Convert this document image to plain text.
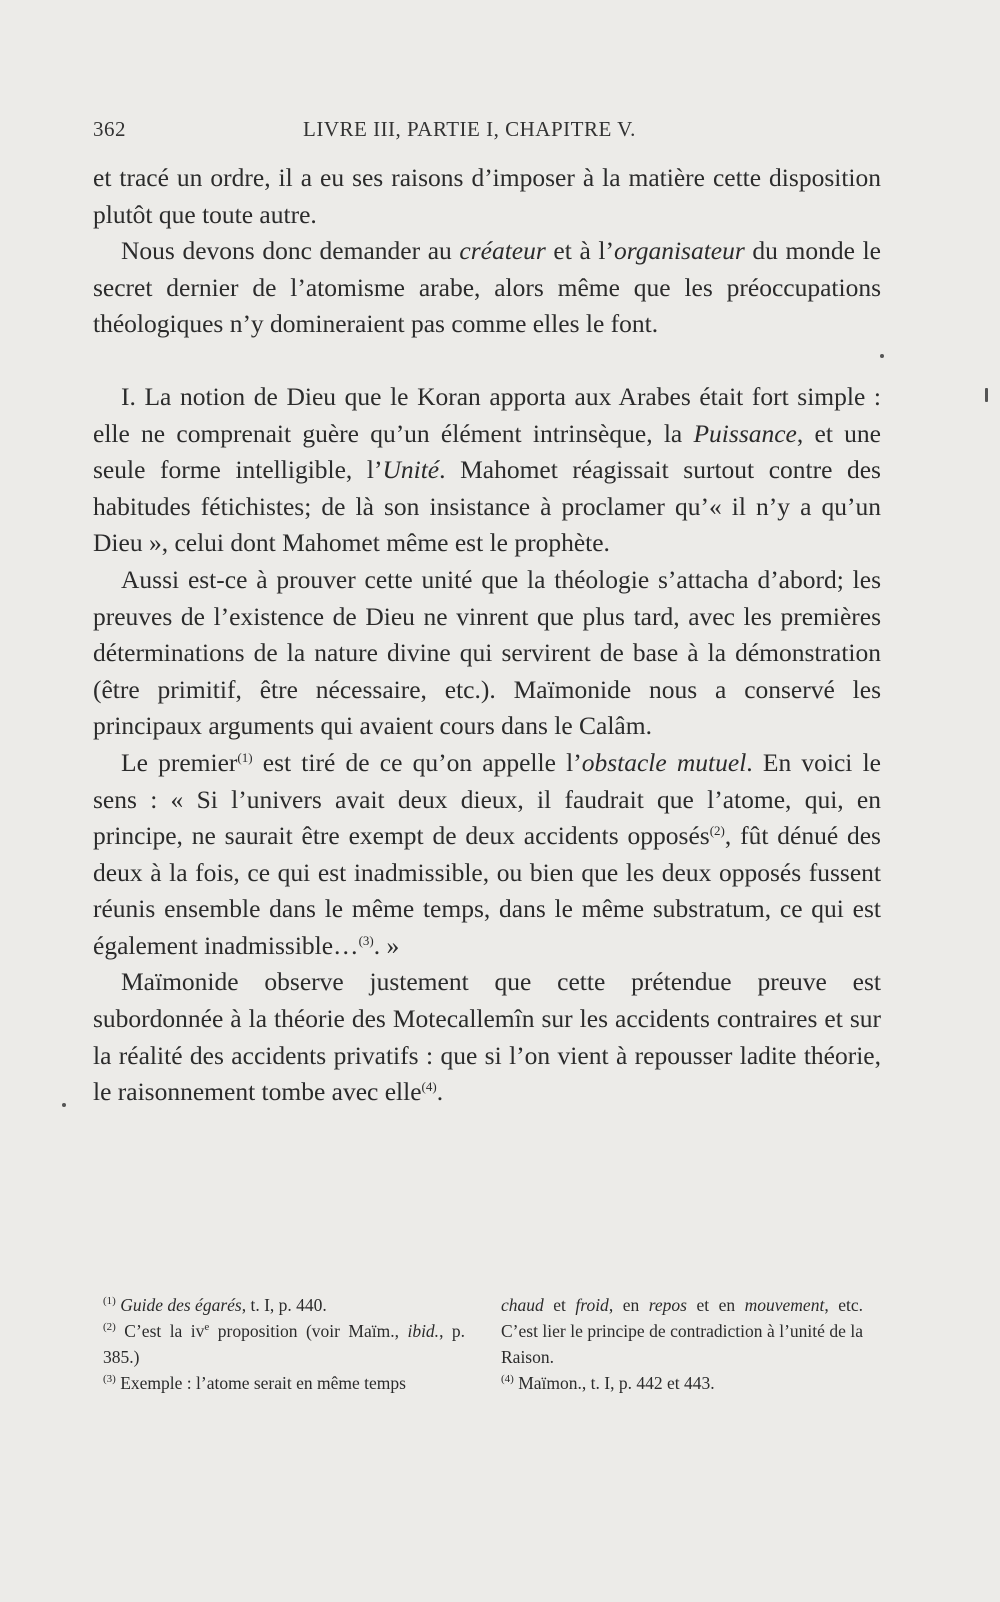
362	LIVRE III, PARTIE I, CHAPITRE V.

et tracé un ordre, il a eu ses raisons d’imposer à la matière cette disposition plutôt que toute autre.

Nous devons donc demander au créateur et à l’organisateur du monde le secret dernier de l’atomisme arabe, alors même que les préoccupations théologiques n’y domineraient pas comme elles le font.

I. La notion de Dieu que le Koran apporta aux Arabes était fort simple : elle ne comprenait guère qu’un élément intrinsèque, la Puissance, et une seule forme intelligible, l’Unité. Mahomet réagissait surtout contre des habitudes fétichistes; de là son insistance à proclamer qu’« il n’y a qu’un Dieu », celui dont Mahomet même est le prophète.

Aussi est-ce à prouver cette unité que la théologie s’attacha d’abord; les preuves de l’existence de Dieu ne vinrent que plus tard, avec les premières déterminations de la nature divine qui servirent de base à la démonstration (être primitif, être nécessaire, etc.). Maïmonide nous a conservé les principaux arguments qui avaient cours dans le Calâm.

Le premier$^{(1)}$ est tiré de ce qu’on appelle l’obstacle mutuel. En voici le sens : « Si l’univers avait deux dieux, il faudrait que l’atome, qui, en principe, ne saurait être exempt de deux accidents opposés$^{(2)}$, fût dénué des deux à la fois, ce qui est inadmissible, ou bien que les deux opposés fussent réunis ensemble dans le même temps, dans le même substratum, ce qui est également inadmissible…$^{(3)}$. »

Maïmonide observe justement que cette prétendue preuve est subordonnée à la théorie des Motecallemîn sur les accidents contraires et sur la réalité des accidents privatifs : que si l’on vient à repousser ladite théorie, le raisonnement tombe avec elle$^{(4)}$.

$^{(1)}$ Guide des égarés, t. I, p. 440.

$^{(2)}$ C’est la $iv^e$ proposition (voir Maïm., ibid., p. 385.)

$^{(3)}$ Exemple : l’atome serait en même temps

chaud et froid, en repos et en mouvement, etc. C’est lier le principe de contradiction à l’unité de la Raison.

$^{(4)}$ Maïmon., t. I, p. 442 et 443.
